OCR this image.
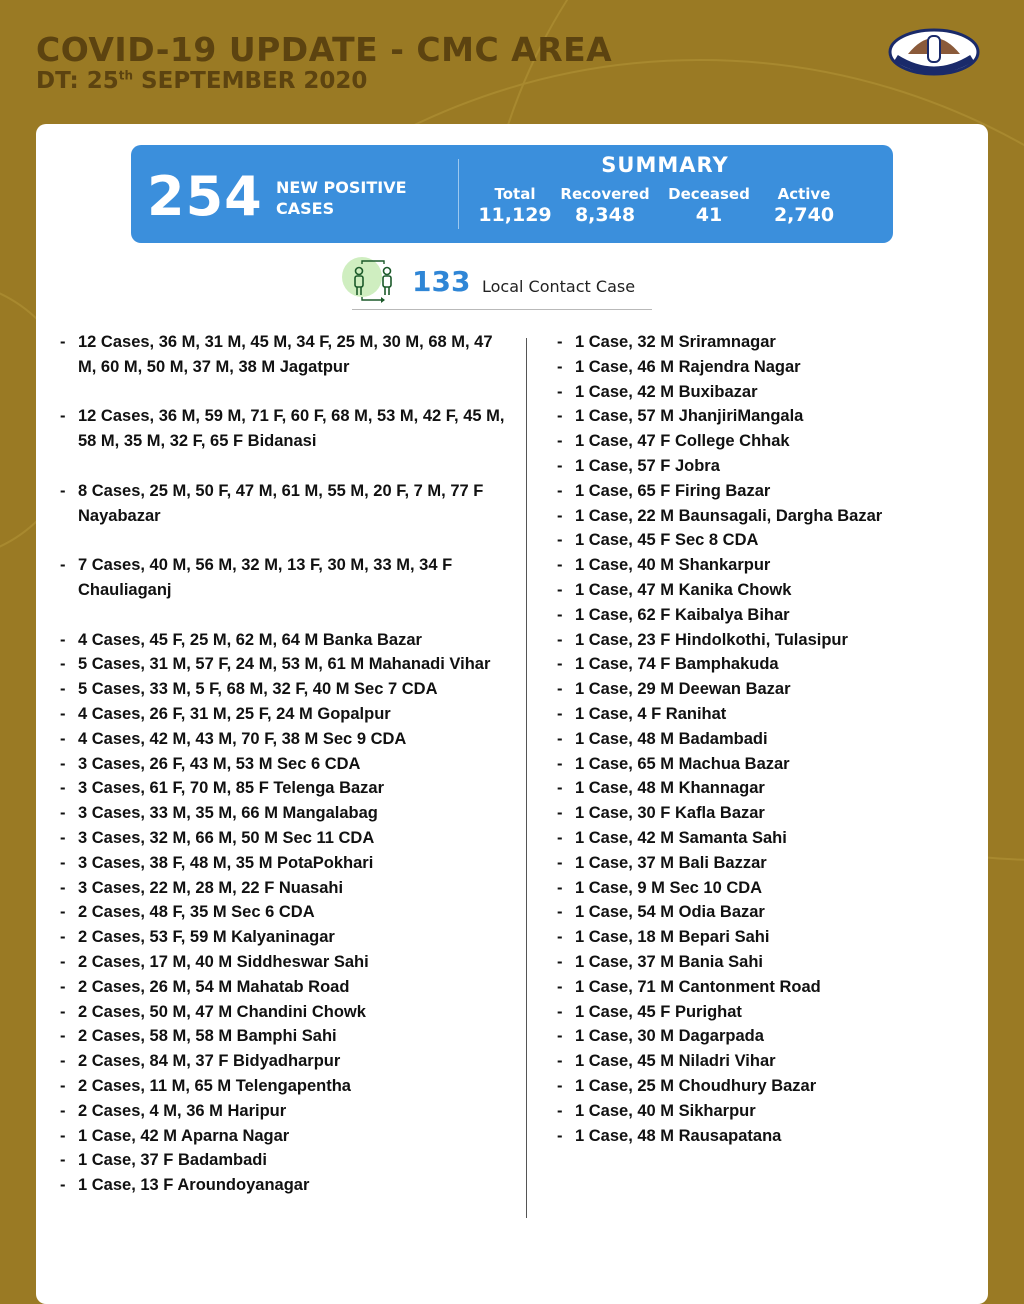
COVID-19 UPDATE - CMC AREA
DT: 25th SEPTEMBER 2020
254 NEW POSITIVE CASES
SUMMARY
Total
11,129
Recovered
8,348
Deceased
41
Active
2,740
133 Local Contact Case
- 12 Cases, 36 M, 31 M, 45 M, 34 F, 25 M, 30 M, 68 M, 47 M, 60 M, 50 M, 37 M, 38 M Jagatpur
- 12 Cases, 36 M, 59 M, 71 F, 60 F, 68 M, 53 M, 42 F, 45 M, 58 M, 35 M, 32 F, 65 F Bidanasi
- 8 Cases, 25 M, 50 F, 47 M, 61 M, 55 M, 20 F, 7 M, 77 F Nayabazar
- 7 Cases, 40 M, 56 M, 32 M, 13 F, 30 M, 33 M, 34 F Chauliaganj
- 4 Cases, 45 F, 25 M, 62 M, 64 M Banka Bazar
- 5 Cases, 31 M, 57 F, 24 M, 53 M, 61 M Mahanadi Vihar
- 5 Cases, 33 M, 5 F, 68 M, 32 F, 40 M Sec 7 CDA
- 4 Cases, 26 F, 31 M, 25 F, 24 M Gopalpur
- 4 Cases, 42 M, 43 M, 70 F, 38 M Sec 9 CDA
- 3 Cases, 26 F, 43 M, 53 M Sec 6 CDA
- 3 Cases, 61 F, 70 M, 85 F Telenga Bazar
- 3 Cases, 33 M, 35 M, 66 M Mangalabag
- 3 Cases, 32 M, 66 M, 50 M Sec 11 CDA
- 3 Cases, 38 F, 48 M, 35 M PotaPokhari
- 3 Cases, 22 M, 28 M, 22 F Nuasahi
- 2 Cases, 48 F, 35 M Sec 6 CDA
- 2 Cases, 53 F, 59 M Kalyaninagar
- 2 Cases, 17 M, 40 M Siddheswar Sahi
- 2 Cases, 26 M, 54 M Mahatab Road
- 2 Cases, 50 M, 47 M Chandini Chowk
- 2 Cases, 58 M, 58 M Bamphi Sahi
- 2 Cases, 84 M, 37 F Bidyadharpur
- 2 Cases, 11 M, 65 M Telengapentha
- 2 Cases, 4 M, 36 M Haripur
- 1 Case, 42 M Aparna Nagar
- 1 Case, 37 F Badambadi
- 1 Case, 13 F Aroundoyanagar
- 1 Case, 32 M Sriramnagar
- 1 Case, 46 M Rajendra Nagar
- 1 Case, 42 M Buxibazar
- 1 Case, 57 M JhanjiriMangala
- 1 Case, 47 F College Chhak
- 1 Case, 57 F Jobra
- 1 Case, 65 F Firing Bazar
- 1 Case, 22 M Baunsagali, Dargha Bazar
- 1 Case, 45 F Sec 8 CDA
- 1 Case, 40 M Shankarpur
- 1 Case, 47 M Kanika Chowk
- 1 Case, 62 F Kaibalya Bihar
- 1 Case, 23 F Hindolkothi, Tulasipur
- 1 Case, 74 F Bamphakuda
- 1 Case, 29 M Deewan Bazar
- 1 Case, 4 F Ranihat
- 1 Case, 48 M Badambadi
- 1 Case, 65 M Machua Bazar
- 1 Case, 48 M Khannagar
- 1 Case, 30 F Kafla Bazar
- 1 Case, 42 M Samanta Sahi
- 1 Case, 37 M Bali Bazzar
- 1 Case, 9 M Sec 10 CDA
- 1 Case, 54 M Odia Bazar
- 1 Case, 18 M Bepari Sahi
- 1 Case, 37 M Bania Sahi
- 1 Case, 71 M Cantonment Road
- 1 Case, 45 F Purighat
- 1 Case, 30 M Dagarpada
- 1 Case, 45 M Niladri Vihar
- 1 Case, 25 M Choudhury Bazar
- 1 Case, 40 M Sikharpur
- 1 Case, 48 M Rausapatana
